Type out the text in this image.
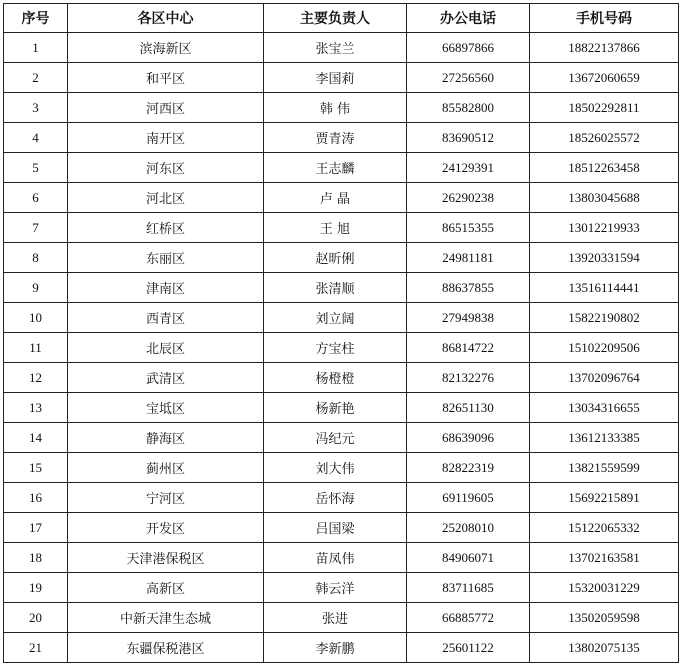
序号	各区中心	主要负责人	办公电话	手机号码
1	滨海新区	张宝兰	66897866	18822137866
2	和平区	李国莉	27256560	13672060659
3	河西区	韩 伟	85582800	18502292811
4	南开区	贾青涛	83690512	18526025572
5	河东区	王志麟	24129391	18512263458
6	河北区	卢 晶	26290238	13803045688
7	红桥区	王 旭	86515355	13012219933
8	东丽区	赵昕俐	24981181	13920331594
9	津南区	张清顺	88637855	13516114441
10	西青区	刘立阔	27949838	15822190802
11	北辰区	方宝柱	86814722	15102209506
12	武清区	杨橙橙	82132276	13702096764
13	宝坻区	杨新艳	82651130	13034316655
14	静海区	冯纪元	68639096	13612133385
15	蓟州区	刘大伟	82822319	13821559599
16	宁河区	岳怀海	69119605	15692215891
17	开发区	吕国梁	25208010	15122065332
18	天津港保税区	苗凤伟	84906071	13702163581
19	高新区	韩云洋	83711685	15320031229
20	中新天津生态城	张进	66885772	13502059598
21	东疆保税港区	李新鹏	25601122	13802075135
